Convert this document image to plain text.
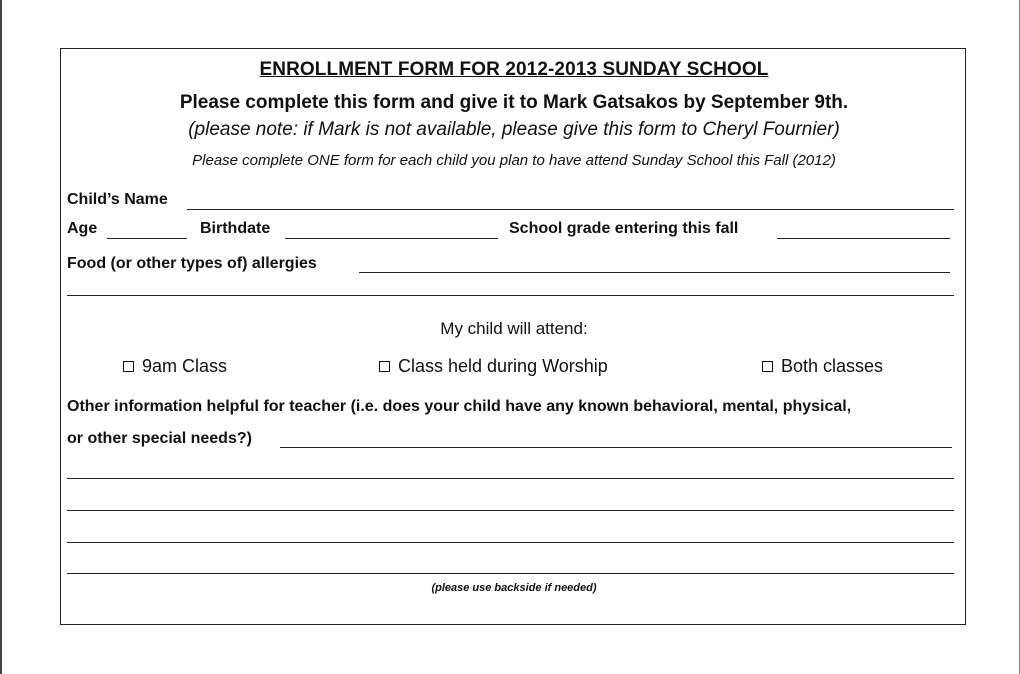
ENROLLMENT FORM FOR 2012-2013 SUNDAY SCHOOL
Please complete this form and give it to Mark Gatsakos by September 9th.
(please note: if Mark is not available, please give this form to Cheryl Fournier)
Please complete ONE form for each child you plan to have attend Sunday School this Fall (2012)
Child’s Name
Age	Birthdate	School grade entering this fall
Food (or other types of) allergies
My child will attend:
9am Class	Class held during Worship	Both classes
Other information helpful for teacher (i.e. does your child have any known behavioral, mental, physical,
or other special needs?)
(please use backside if needed)
